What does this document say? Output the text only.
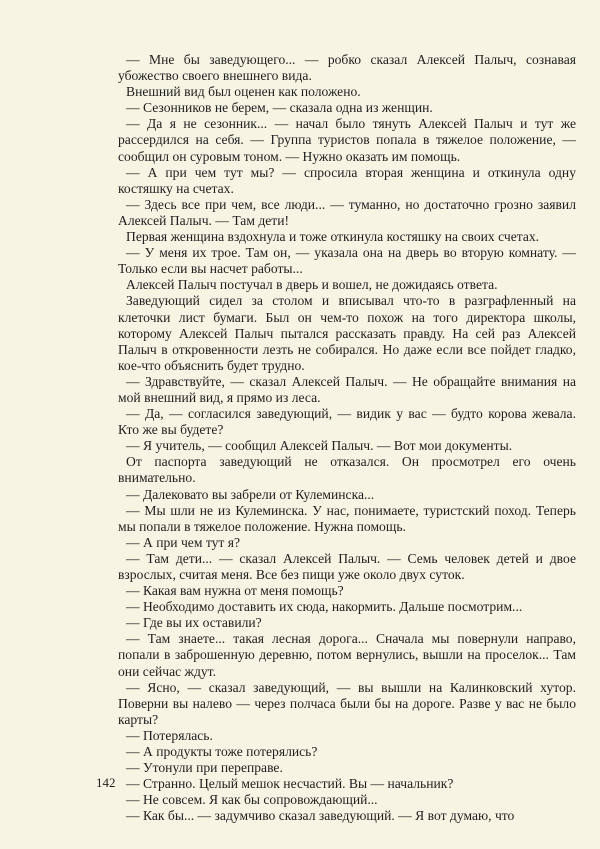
— Мне бы заведующего... — робко сказал Алексей Палыч, сознавая убожество своего внешнего вида.

Внешний вид был оценен как положено.

— Сезонников не берем, — сказала одна из женщин.

— Да я не сезонник... — начал было тянуть Алексей Палыч и тут же рассердился на себя. — Группа туристов попала в тяжелое положение, — сообщил он суровым тоном. — Нужно оказать им помощь.

— А при чем тут мы? — спросила вторая женщина и откинула одну костяшку на счетах.

— Здесь все при чем, все люди... — туманно, но достаточно грозно заявил Алексей Палыч. — Там дети!

Первая женщина вздохнула и тоже откинула костяшку на своих счетах.

— У меня их трое. Там он, — указала она на дверь во вторую комнату. — Только если вы насчет работы...

Алексей Палыч постучал в дверь и вошел, не дожидаясь ответа.

Заведующий сидел за столом и вписывал что-то в разграфленный на клеточки лист бумаги. Был он чем-то похож на того директора школы, которому Алексей Палыч пытался рассказать правду. На сей раз Алексей Палыч в откровенности лезть не собирался. Но даже если все пойдет гладко, кое-что объяснить будет трудно.

— Здравствуйте, — сказал Алексей Палыч. — Не обращайте внимания на мой внешний вид, я прямо из леса.

— Да, — согласился заведующий, — видик у вас — будто корова жевала. Кто же вы будете?

— Я учитель, — сообщил Алексей Палыч. — Вот мои документы.

От паспорта заведующий не отказался. Он просмотрел его очень внимательно.

— Далековато вы забрели от Кулеминска...

— Мы шли не из Кулеминска. У нас, понимаете, туристский поход. Теперь мы попали в тяжелое положение. Нужна помощь.

— А при чем тут я?

— Там дети... — сказал Алексей Палыч. — Семь человек детей и двое взрослых, считая меня. Все без пищи уже около двух суток.

— Какая вам нужна от меня помощь?

— Необходимо доставить их сюда, накормить. Дальше посмотрим...

— Где вы их оставили?

— Там знаете... такая лесная дорога... Сначала мы повернули направо, попали в заброшенную деревню, потом вернулись, вышли на проселок... Там они сейчас ждут.

— Ясно, — сказал заведующий, — вы вышли на Калинковский хутор. Поверни вы налево — через полчаса были бы на дороге. Разве у вас не было карты?

— Потерялась.

— А продукты тоже потерялись?

— Утонули при переправе.

— Странно. Целый мешок несчастий. Вы — начальник?

— Не совсем. Я как бы сопровождающий...

— Как бы... — задумчиво сказал заведующий. — Я вот думаю, что

142
